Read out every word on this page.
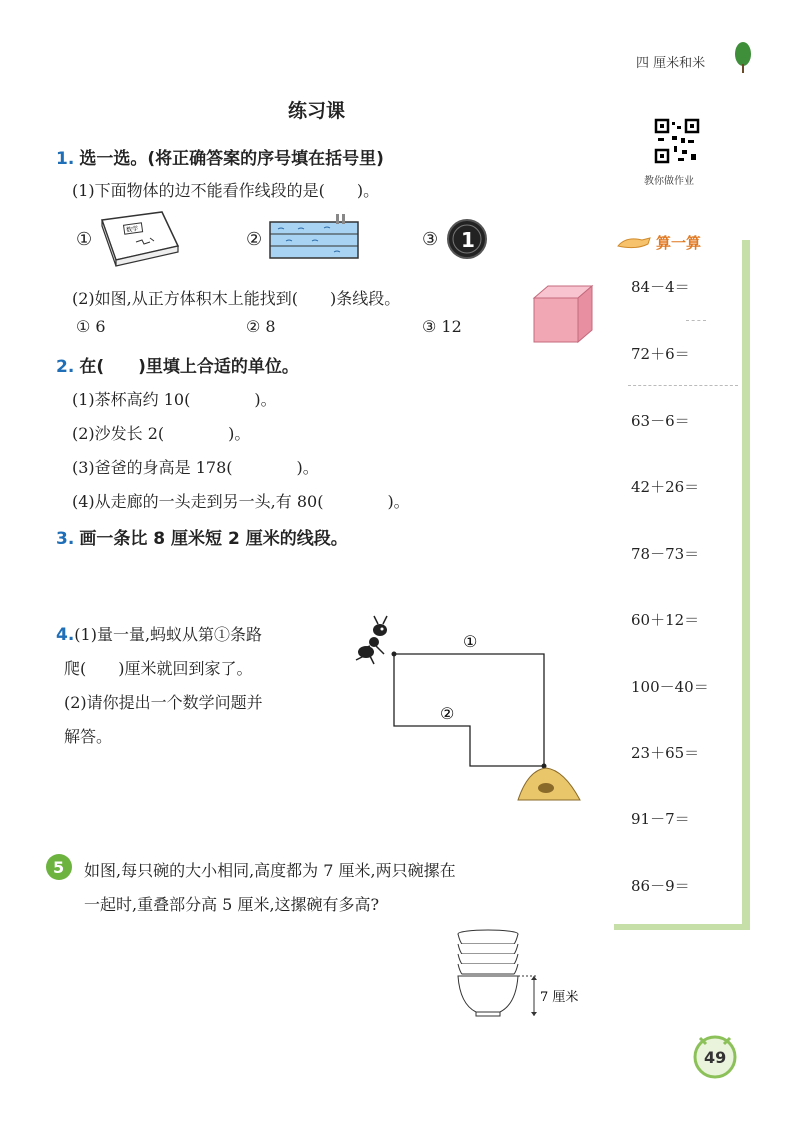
四 厘米和米
练习课
教你做作业
1. 选一选。(将正确答案的序号填在括号里)
(1)下面物体的边不能看作线段的是(　　)。
①	数学	②	③ 1
(2)如图,从正方体积木上能找到(　　)条线段。
① 6	② 8	③ 12
2. 在(　　)里填上合适的单位。
(1)茶杯高约 10(　　　　)。
(2)沙发长 2(　　　　)。
(3)爸爸的身高是 178(　　　　)。
(4)从走廊的一头走到另一头,有 80(　　　　)。
3. 画一条比 8 厘米短 2 厘米的线段。
4.(1)量一量,蚂蚁从第①条路
爬(　　)厘米就回到家了。
(2)请你提出一个数学问题并
解答。
①
②
5 如图,每只碗的大小相同,高度都为 7 厘米,两只碗摞在
一起时,重叠部分高 5 厘米,这摞碗有多高?
7 厘米
算一算
84－4＝
72＋6＝
63－6＝
42＋26＝
78－73＝
60＋12＝
100－40＝
23＋65＝
91－7＝
86－9＝
49
